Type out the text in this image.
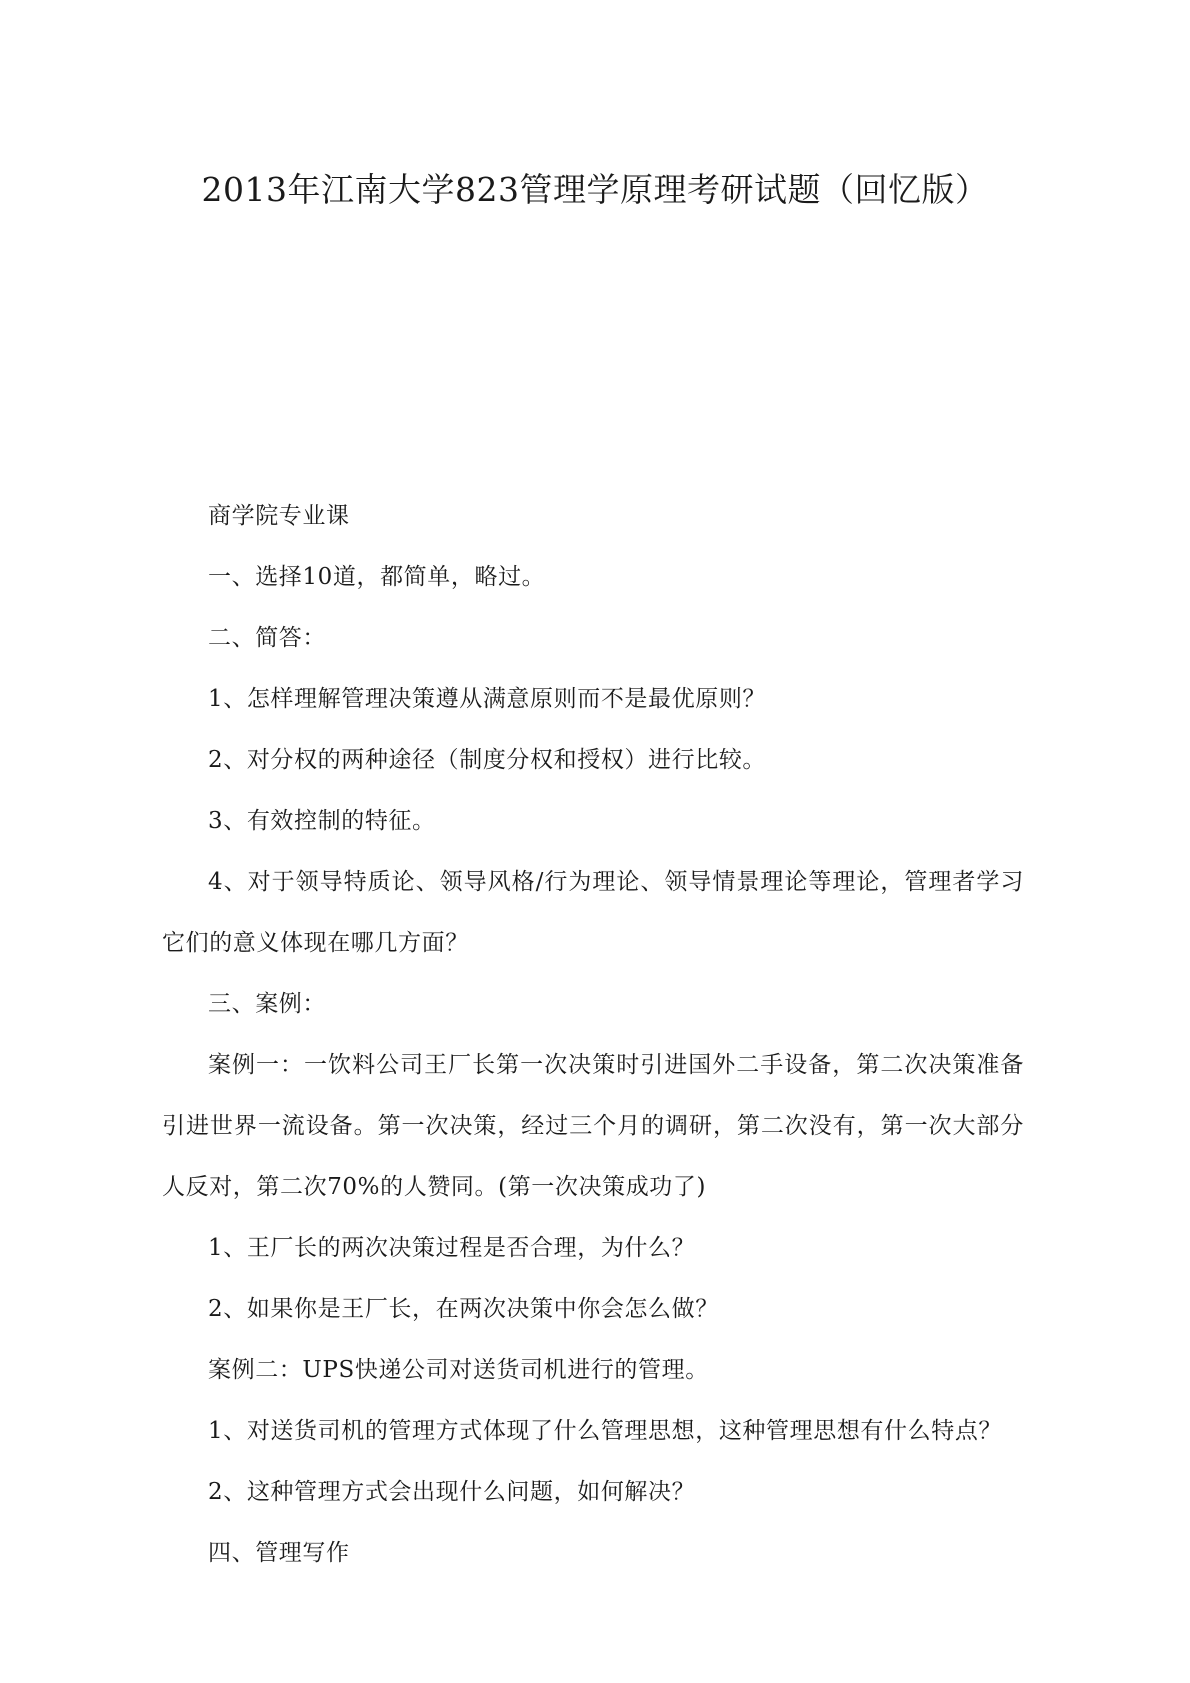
2013年江南大学823管理学原理考研试题（回忆版）

商学院专业课

一、选择10道，都简单，略过。

二、简答：

1、怎样理解管理决策遵从满意原则而不是最优原则？

2、对分权的两种途径（制度分权和授权）进行比较。

3、有效控制的特征。

4、对于领导特质论、领导风格/行为理论、领导情景理论等理论，管理者学习它们的意义体现在哪几方面？

三、案例：

案例一：一饮料公司王厂长第一次决策时引进国外二手设备，第二次决策准备引进世界一流设备。第一次决策，经过三个月的调研，第二次没有，第一次大部分人反对，第二次70%的人赞同。(第一次决策成功了)

1、王厂长的两次决策过程是否合理，为什么？

2、如果你是王厂长，在两次决策中你会怎么做？

案例二：UPS快递公司对送货司机进行的管理。

1、对送货司机的管理方式体现了什么管理思想，这种管理思想有什么特点？

2、这种管理方式会出现什么问题，如何解决？

四、管理写作
